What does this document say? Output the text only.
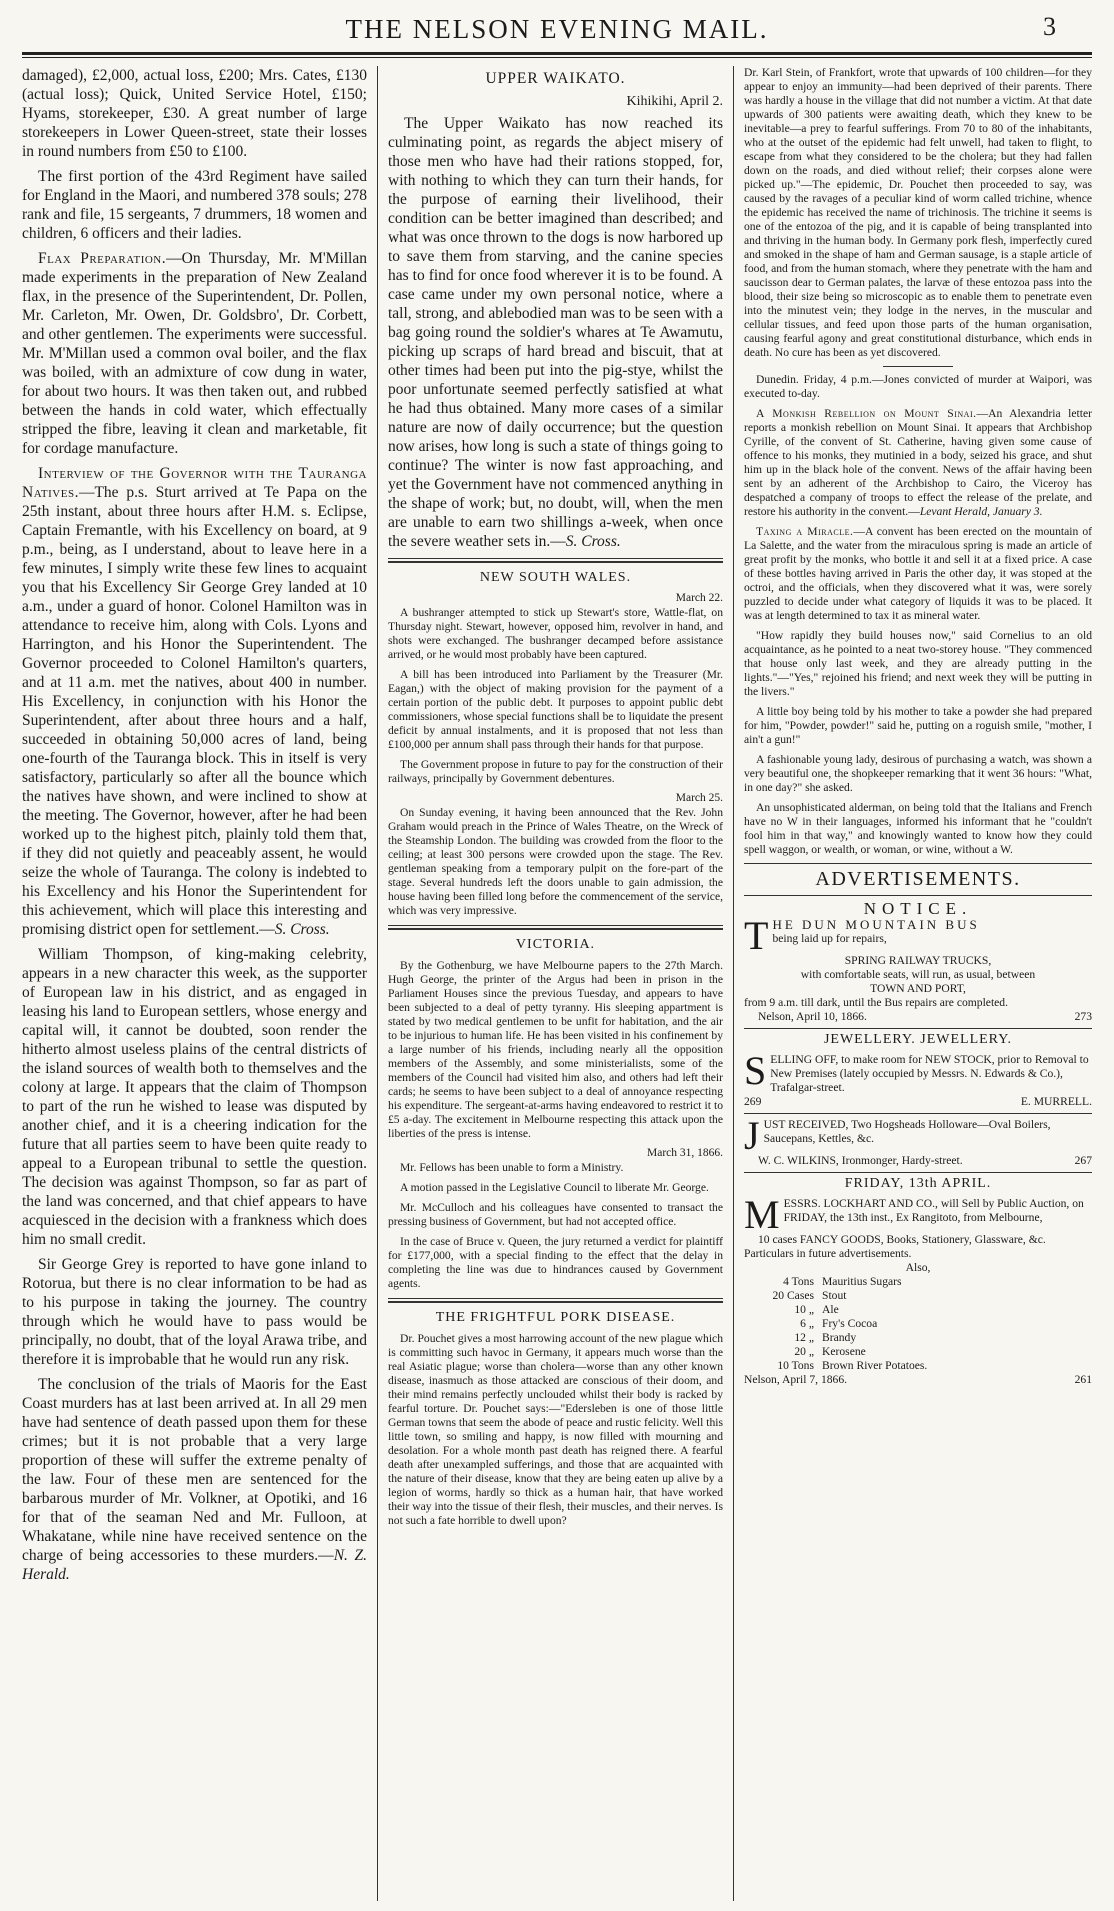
THE NELSON EVENING MAIL.	3

damaged), £2,000, actual loss, £200; Mrs. Cates, £130 (actual loss); Quick, United Service Hotel, £150; Hyams, storekeeper, £30. A great number of large storekeepers in Lower Queen-street, state their losses in round numbers from £50 to £100.

The first portion of the 43rd Regiment have sailed for England in the Maori, and numbered 378 souls; 278 rank and file, 15 sergeants, 7 drummers, 18 women and children, 6 officers and their ladies.

Flax Preparation.—On Thursday, Mr. M'Millan made experiments in the preparation of New Zealand flax, in the presence of the Superintendent, Dr. Pollen, Mr. Carleton, Mr. Owen, Dr. Goldsbro', Dr. Corbett, and other gentlemen. The experiments were successful. Mr. M'Millan used a common oval boiler, and the flax was boiled, with an admixture of cow dung in water, for about two hours. It was then taken out, and rubbed between the hands in cold water, which effectually stripped the fibre, leaving it clean and marketable, fit for cordage manufacture.

Interview of the Governor with the Tauranga Natives.—The p.s. Sturt arrived at Te Papa on the 25th instant, about three hours after H.M. s. Eclipse, Captain Fremantle, with his Excellency on board, at 9 p.m., being, as I understand, about to leave here in a few minutes, I simply write these few lines to acquaint you that his Excellency Sir George Grey landed at 10 a.m., under a guard of honor. Colonel Hamilton was in attendance to receive him, along with Cols. Lyons and Harrington, and his Honor the Superintendent. The Governor proceeded to Colonel Hamilton's quarters, and at 11 a.m. met the natives, about 400 in number. His Excellency, in conjunction with his Honor the Superintendent, after about three hours and a half, succeeded in obtaining 50,000 acres of land, being one-fourth of the Tauranga block. This in itself is very satisfactory, particularly so after all the bounce which the natives have shown, and were inclined to show at the meeting. The Governor, however, after he had been worked up to the highest pitch, plainly told them that, if they did not quietly and peaceably assent, he would seize the whole of Tauranga. The colony is indebted to his Excellency and his Honor the Superintendent for this achievement, which will place this interesting and promising district open for settlement.—S. Cross.

William Thompson, of king-making celebrity, appears in a new character this week, as the supporter of European law in his district, and as engaged in leasing his land to European settlers, whose energy and capital will, it cannot be doubted, soon render the hitherto almost useless plains of the central districts of the island sources of wealth both to themselves and the colony at large. It appears that the claim of Thompson to part of the run he wished to lease was disputed by another chief, and it is a cheering indication for the future that all parties seem to have been quite ready to appeal to a European tribunal to settle the question. The decision was against Thompson, so far as part of the land was concerned, and that chief appears to have acquiesced in the decision with a frankness which does him no small credit.

Sir George Grey is reported to have gone inland to Rotorua, but there is no clear information to be had as to his purpose in taking the journey. The country through which he would have to pass would be principally, no doubt, that of the loyal Arawa tribe, and therefore it is improbable that he would run any risk.

The conclusion of the trials of Maoris for the East Coast murders has at last been arrived at. In all 29 men have had sentence of death passed upon them for these crimes; but it is not probable that a very large proportion of these will suffer the extreme penalty of the law. Four of these men are sentenced for the barbarous murder of Mr. Volkner, at Opotiki, and 16 for that of the seaman Ned and Mr. Fulloon, at Whakatane, while nine have received sentence on the charge of being accessories to these murders.—N. Z. Herald.

UPPER WAIKATO.
Kihikihi, April 2.

The Upper Waikato has now reached its culminating point, as regards the abject misery of those men who have had their rations stopped, for, with nothing to which they can turn their hands, for the purpose of earning their livelihood, their condition can be better imagined than described; and what was once thrown to the dogs is now harbored up to save them from starving, and the canine species has to find for once food wherever it is to be found. A case came under my own personal notice, where a tall, strong, and ablebodied man was to be seen with a bag going round the soldier's whares at Te Awamutu, picking up scraps of hard bread and biscuit, that at other times had been put into the pig-stye, whilst the poor unfortunate seemed perfectly satisfied at what he had thus obtained. Many more cases of a similar nature are now of daily occurrence; but the question now arises, how long is such a state of things going to continue? The winter is now fast approaching, and yet the Government have not commenced anything in the shape of work; but, no doubt, will, when the men are unable to earn two shillings a-week, when once the severe weather sets in.—S. Cross.

NEW SOUTH WALES.
March 22.

A bushranger attempted to stick up Stewart's store, Wattle-flat, on Thursday night. Stewart, however, opposed him, revolver in hand, and shots were exchanged. The bushranger decamped before assistance arrived, or he would most probably have been captured.

A bill has been introduced into Parliament by the Treasurer (Mr. Eagan,) with the object of making provision for the payment of a certain portion of the public debt. It purposes to appoint public debt commissioners, whose special functions shall be to liquidate the present deficit by annual instalments, and it is proposed that not less than £100,000 per annum shall pass through their hands for that purpose.

The Government propose in future to pay for the construction of their railways, principally by Government debentures.

March 25.

On Sunday evening, it having been announced that the Rev. John Graham would preach in the Prince of Wales Theatre, on the Wreck of the Steamship London. The building was crowded from the floor to the ceiling; at least 300 persons were crowded upon the stage. The Rev. gentleman speaking from a temporary pulpit on the fore-part of the stage. Several hundreds left the doors unable to gain admission, the house having been filled long before the commencement of the service, which was very impressive.

VICTORIA.

By the Gothenburg, we have Melbourne papers to the 27th March. Hugh George, the printer of the Argus had been in prison in the Parliament Houses since the previous Tuesday, and appears to have been subjected to a deal of petty tyranny. His sleeping appartment is stated by two medical gentlemen to be unfit for habitation, and the air to be injurious to human life. He has been visited in his confinement by a large number of his friends, including nearly all the opposition members of the Assembly, and some ministerialists, some of the members of the Council had visited him also, and others had left their cards; he seems to have been subject to a deal of annoyance respecting his expenditure. The sergeant-at-arms having endeavored to restrict it to £5 a-day. The excitement in Melbourne respecting this attack upon the liberties of the press is intense.

March 31, 1866.

Mr. Fellows has been unable to form a Ministry.

A motion passed in the Legislative Council to liberate Mr. George.

Mr. McCulloch and his colleagues have consented to transact the pressing business of Government, but had not accepted office.

In the case of Bruce v. Queen, the jury returned a verdict for plaintiff for £177,000, with a special finding to the effect that the delay in completing the line was due to hindrances caused by Government agents.

THE FRIGHTFUL PORK DISEASE.

Dr. Pouchet gives a most harrowing account of the new plague which is committing such havoc in Germany, it appears much worse than the real Asiatic plague; worse than cholera—worse than any other known disease, inasmuch as those attacked are conscious of their doom, and their mind remains perfectly unclouded whilst their body is racked by fearful torture. Dr. Pouchet says:—"Edersleben is one of those little German towns that seem the abode of peace and rustic felicity. Well this little town, so smiling and happy, is now filled with mourning and desolation. For a whole month past death has reigned there. A fearful death after unexampled sufferings, and those that are acquainted with the nature of their disease, know that they are being eaten up alive by a legion of worms, hardly so thick as a human hair, that have worked their way into the tissue of their flesh, their muscles, and their nerves. Is not such a fate horrible to dwell upon?

Dr. Karl Stein, of Frankfort, wrote that upwards of 100 children—for they appear to enjoy an immunity—had been deprived of their parents. There was hardly a house in the village that did not number a victim. At that date upwards of 300 patients were awaiting death, which they knew to be inevitable—a prey to fearful sufferings. From 70 to 80 of the inhabitants, who at the outset of the epidemic had felt unwell, had taken to flight, to escape from what they considered to be the cholera; but they had fallen down on the roads, and died without relief; their corpses alone were picked up."—The epidemic, Dr. Pouchet then proceeded to say, was caused by the ravages of a peculiar kind of worm called trichine, whence the epidemic has received the name of trichinosis. The trichine it seems is one of the entozoa of the pig, and it is capable of being transplanted into and thriving in the human body. In Germany pork flesh, imperfectly cured and smoked in the shape of ham and German sausage, is a staple article of food, and from the human stomach, where they penetrate with the ham and saucisson dear to German palates, the larvæ of these entozoa pass into the blood, their size being so microscopic as to enable them to penetrate even into the minutest vein; they lodge in the nerves, in the muscular and cellular tissues, and feed upon those parts of the human organisation, causing fearful agony and great constitutional disturbance, which ends in death. No cure has been as yet discovered.

Dunedin. Friday, 4 p.m.—Jones convicted of murder at Waipori, was executed to-day.

A Monkish Rebellion on Mount Sinai.—An Alexandria letter reports a monkish rebellion on Mount Sinai. It appears that Archbishop Cyrille, of the convent of St. Catherine, having given some cause of offence to his monks, they mutinied in a body, seized his grace, and shut him up in the black hole of the convent. News of the affair having been sent by an adherent of the Archbishop to Cairo, the Viceroy has despatched a company of troops to effect the release of the prelate, and restore his authority in the convent.—Levant Herald, January 3.

Taxing a Miracle.—A convent has been erected on the mountain of La Salette, and the water from the miraculous spring is made an article of great profit by the monks, who bottle it and sell it at a fixed price. A case of these bottles having arrived in Paris the other day, it was stoped at the octroi, and the officials, when they discovered what it was, were sorely puzzled to decide under what category of liquids it was to be placed. It was at length determined to tax it as mineral water.

"How rapidly they build houses now," said Cornelius to an old acquaintance, as he pointed to a neat two-storey house. "They commenced that house only last week, and they are already putting in the lights."—"Yes," rejoined his friend; and next week they will be putting in the livers."

A little boy being told by his mother to take a powder she had prepared for him, "Powder, powder!" said he, putting on a roguish smile, "mother, I ain't a gun!"

A fashionable young lady, desirous of purchasing a watch, was shown a very beautiful one, the shopkeeper remarking that it went 36 hours: "What, in one day?" she asked.

An unsophisticated alderman, on being told that the Italians and French have no W in their languages, informed his informant that he "couldn't fool him in that way," and knowingly wanted to know how they could spell waggon, or wealth, or woman, or wine, without a W.

ADVERTISEMENTS.
NOTICE.
T HE DUN MOUNTAIN BUS
being laid up for repairs,
SPRING RAILWAY TRUCKS,
with comfortable seats, will run, as usual, between
TOWN AND PORT,
from 9 a.m. till dark, until the Bus repairs are completed.
Nelson, April 10, 1866.	273
JEWELLERY. JEWELLERY.
S ELLING OFF, to make room for NEW STOCK, prior to Removal to New Premises (lately occupied by Messrs. N. Edwards & Co.), Trafalgar-street.
269	E. MURRELL.
J UST RECEIVED, Two Hogsheads Holloware—Oval Boilers, Saucepans, Kettles, &c.
W. C. WILKINS, Ironmonger, Hardy-street.	267
FRIDAY, 13th APRIL.
M ESSRS. LOCKHART AND CO., will Sell by Public Auction, on FRIDAY, the 13th inst., Ex Rangitoto, from Melbourne,
10 cases FANCY GOODS, Books, Stationery, Glassware, &c.
Particulars in future advertisements.
Also,
4 Tons Mauritius Sugars
20 Cases Stout
10 „ Ale
6 „ Fry's Cocoa
12 „ Brandy
20 „ Kerosene
10 Tons Brown River Potatoes.
Nelson, April 7, 1866.	261
